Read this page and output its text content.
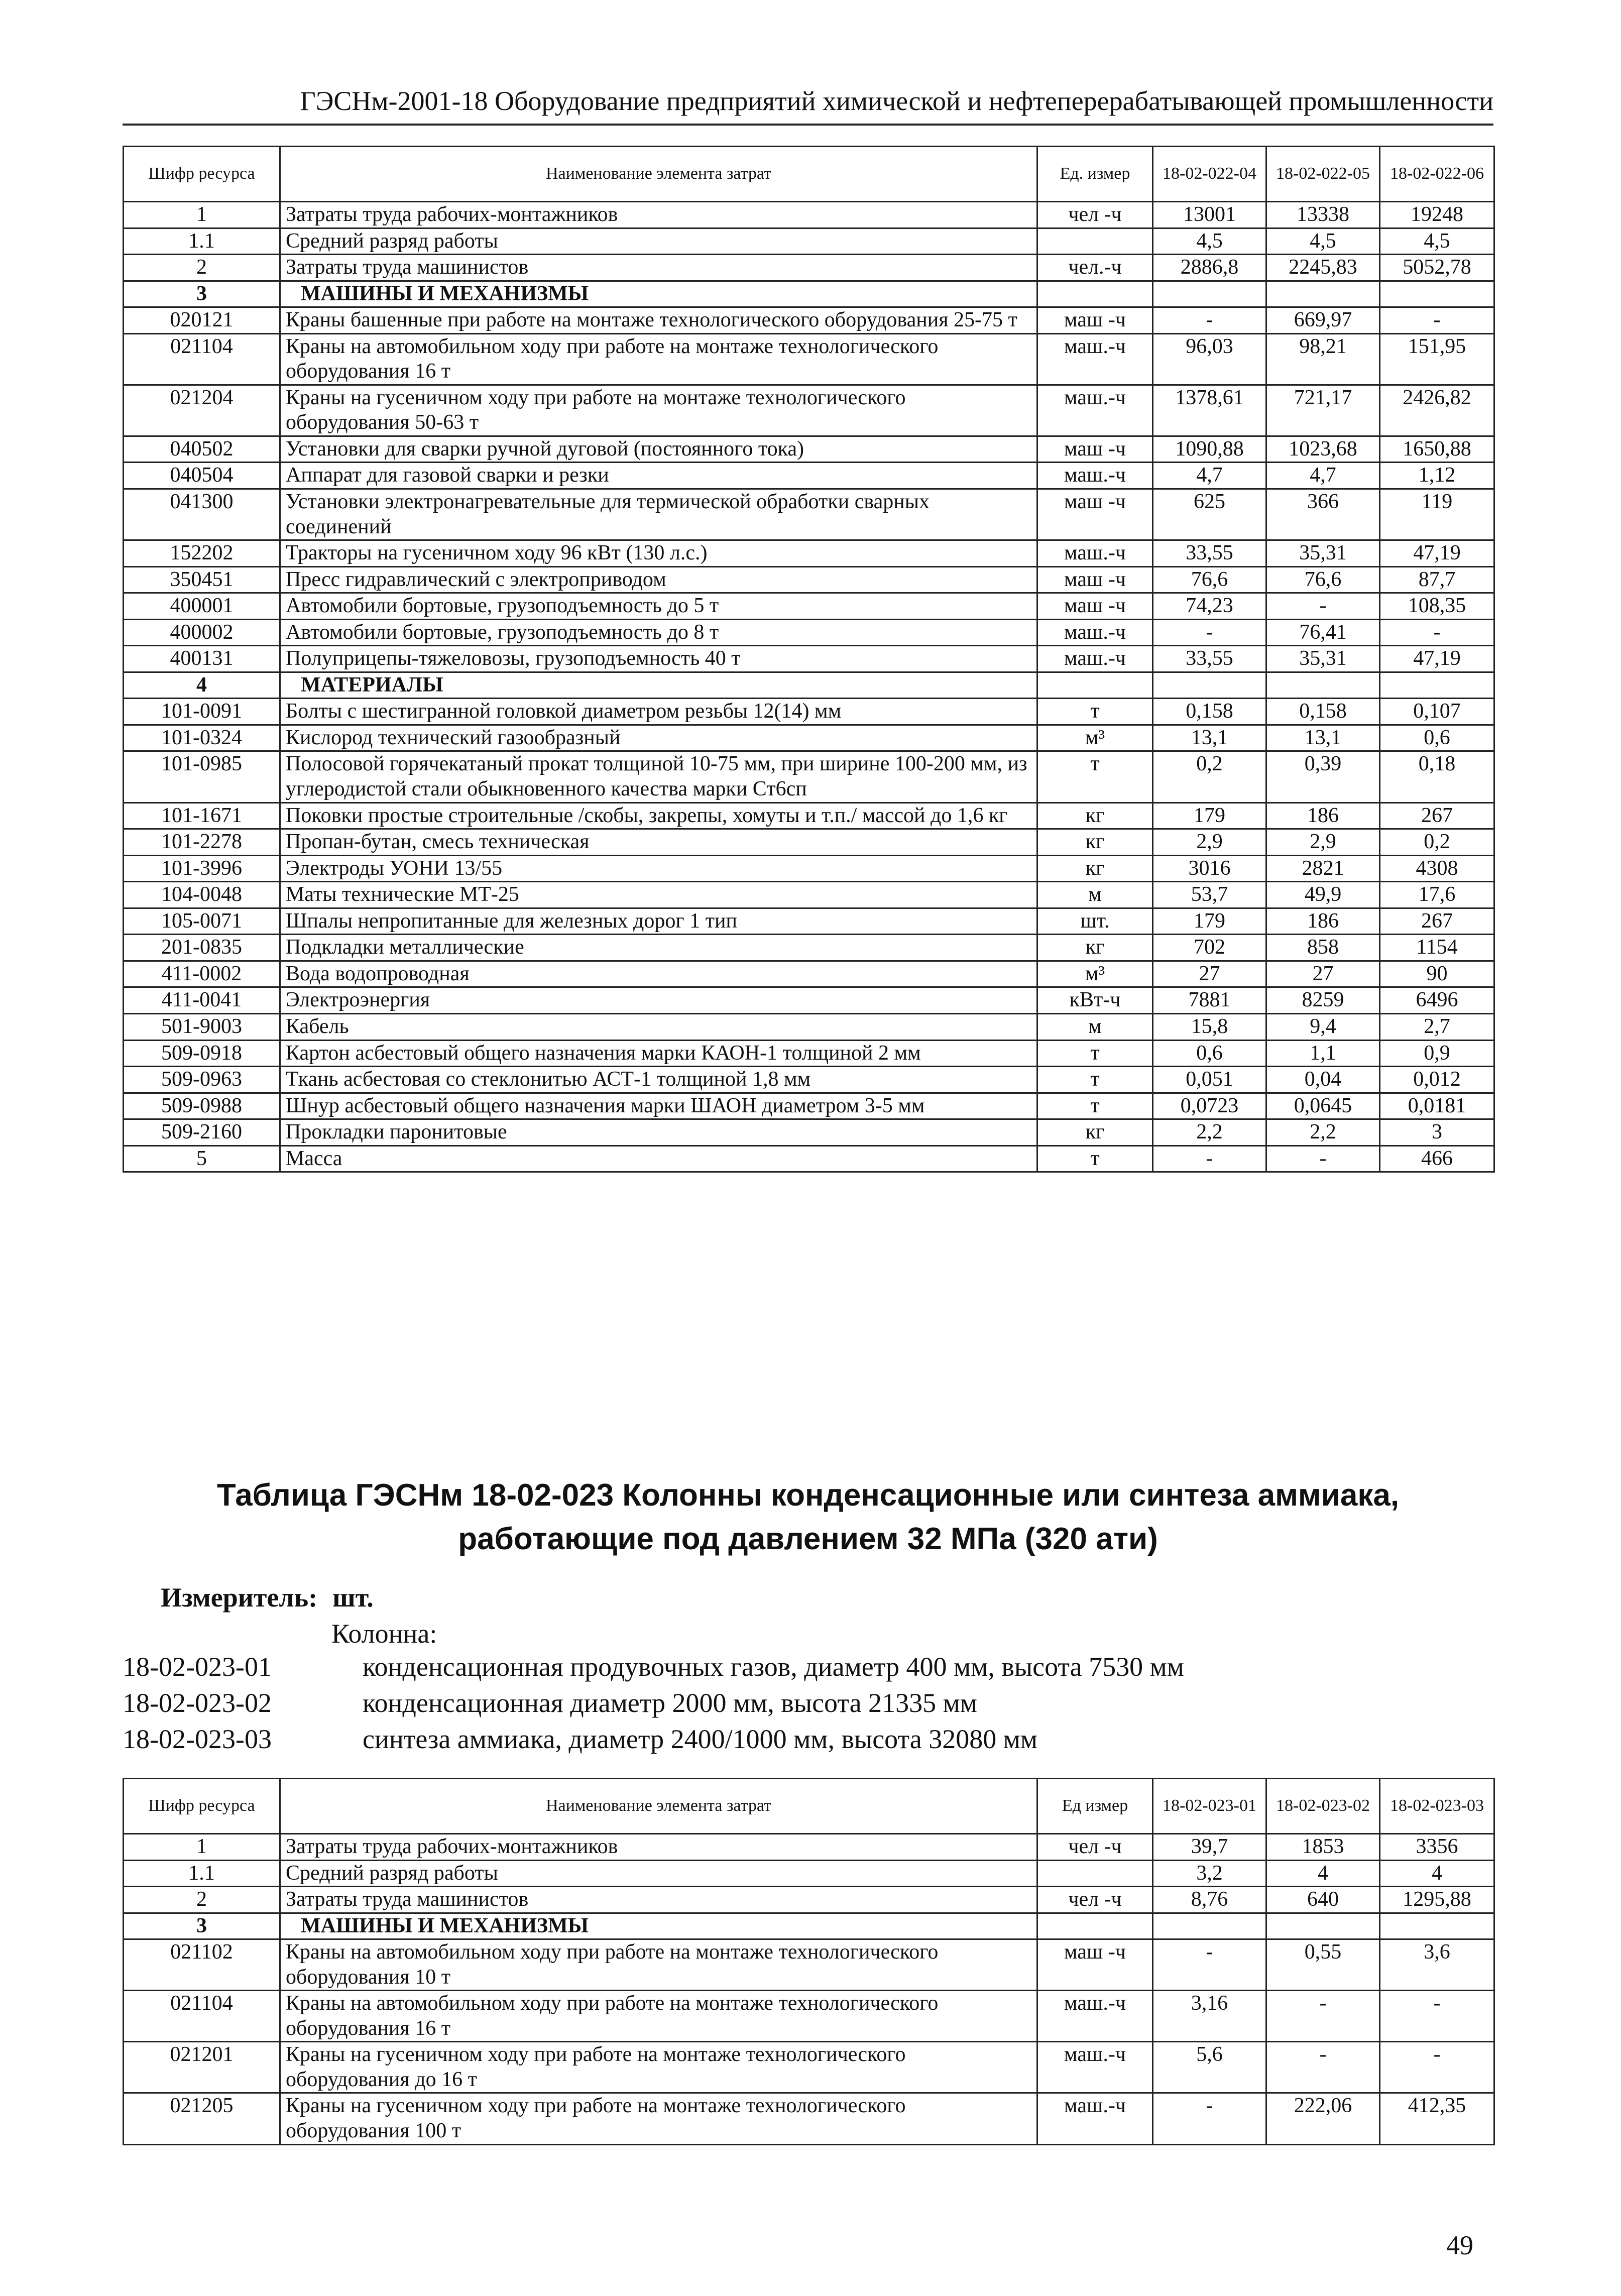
ГЭСНм-2001-18 Оборудование предприятий химической и нефтеперерабатывающей промышленности
Шифр ресурса	Наименование элемента затрат	Ед. измер	18-02-022-04	18-02-022-05	18-02-022-06
1	Затраты труда рабочих-монтажников	чел -ч	13001	13338	19248
1.1	Средний разряд работы		4,5	4,5	4,5
2	Затраты труда машинистов	чел.-ч	2886,8	2245,83	5052,78
3	МАШИНЫ И МЕХАНИЗМЫ				
020121	Краны башенные при работе на монтаже технологического оборудования 25-75 т	маш -ч	-	669,97	-
021104	Краны на автомобильном ходу при работе на монтаже технологического оборудования 16 т	маш.-ч	96,03	98,21	151,95
021204	Краны на гусеничном ходу при работе на монтаже технологического оборудования 50-63 т	маш.-ч	1378,61	721,17	2426,82
040502	Установки для сварки ручной дуговой (постоянного тока)	маш -ч	1090,88	1023,68	1650,88
040504	Аппарат для газовой сварки и резки	маш.-ч	4,7	4,7	1,12
041300	Установки электронагревательные для термической обработки сварных соединений	маш -ч	625	366	119
152202	Тракторы на гусеничном ходу 96 кВт (130 л.с.)	маш.-ч	33,55	35,31	47,19
350451	Пресс гидравлический с электроприводом	маш -ч	76,6	76,6	87,7
400001	Автомобили бортовые, грузоподъемность до 5 т	маш -ч	74,23	-	108,35
400002	Автомобили бортовые, грузоподъемность до 8 т	маш.-ч	-	76,41	-
400131	Полуприцепы-тяжеловозы, грузоподъемность 40 т	маш.-ч	33,55	35,31	47,19
4	МАТЕРИАЛЫ				
101-0091	Болты с шестигранной головкой диаметром резьбы 12(14) мм	т	0,158	0,158	0,107
101-0324	Кислород технический газообразный	м³	13,1	13,1	0,6
101-0985	Полосовой горячекатаный прокат толщиной 10-75 мм, при ширине 100-200 мм, из углеродистой стали обыкновенного качества марки Ст6сп	т	0,2	0,39	0,18
101-1671	Поковки простые строительные /скобы, закрепы, хомуты и т.п./ массой до 1,6 кг	кг	179	186	267
101-2278	Пропан-бутан, смесь техническая	кг	2,9	2,9	0,2
101-3996	Электроды УОНИ 13/55	кг	3016	2821	4308
104-0048	Маты технические МТ-25	м	53,7	49,9	17,6
105-0071	Шпалы непропитанные для железных дорог 1 тип	шт.	179	186	267
201-0835	Подкладки металлические	кг	702	858	1154
411-0002	Вода водопроводная	м³	27	27	90
411-0041	Электроэнергия	кВт-ч	7881	8259	6496
501-9003	Кабель	м	15,8	9,4	2,7
509-0918	Картон асбестовый общего назначения марки КАОН-1 толщиной 2 мм	т	0,6	1,1	0,9
509-0963	Ткань асбестовая со стеклонитью АСТ-1 толщиной 1,8 мм	т	0,051	0,04	0,012
509-0988	Шнур асбестовый общего назначения марки ШАОН диаметром 3-5 мм	т	0,0723	0,0645	0,0181
509-2160	Прокладки паронитовые	кг	2,2	2,2	3
5	Масса	т	-	-	466
Таблица ГЭСНм 18-02-023 Колонны конденсационные или синтеза аммиака, работающие под давлением 32 МПа (320 ати)
Измеритель: шт.
Колонна:
18-02-023-01	конденсационная продувочных газов, диаметр 400 мм, высота 7530 мм
18-02-023-02	конденсационная диаметр 2000 мм, высота 21335 мм
18-02-023-03	синтеза аммиака, диаметр 2400/1000 мм, высота 32080 мм
Шифр ресурса	Наименование элемента затрат	Ед измер	18-02-023-01	18-02-023-02	18-02-023-03
1	Затраты труда рабочих-монтажников	чел -ч	39,7	1853	3356
1.1	Средний разряд работы		3,2	4	4
2	Затраты труда машинистов	чел -ч	8,76	640	1295,88
3	МАШИНЫ И МЕХАНИЗМЫ				
021102	Краны на автомобильном ходу при работе на монтаже технологического оборудования 10 т	маш -ч	-	0,55	3,6
021104	Краны на автомобильном ходу при работе на монтаже технологического оборудования 16 т	маш.-ч	3,16	-	-
021201	Краны на гусеничном ходу при работе на монтаже технологического оборудования до 16 т	маш.-ч	5,6	-	-
021205	Краны на гусеничном ходу при работе на монтаже технологического оборудования 100 т	маш.-ч	-	222,06	412,35
49
